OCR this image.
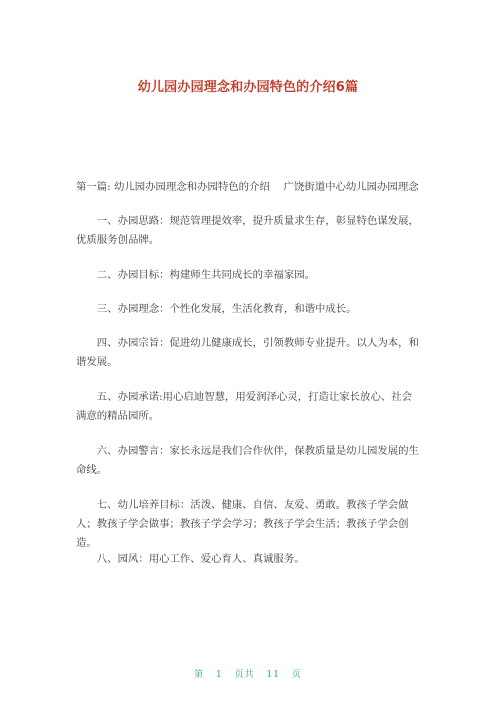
幼儿园办园理念和办园特色的介绍6篇

第一篇: 幼儿园办园理念和办园特色的介绍　 广饶街道中心幼儿园办园理念

一、办园思路：规范管理提效率，提升质量求生存，彰显特色谋发展，优质服务创品牌。

二、办园目标：构建师生共同成长的幸福家园。

三、办园理念：个性化发展，生活化教育，和谐中成长。

四、办园宗旨：促进幼儿健康成长，引领教师专业提升。以人为本，和谐发展。

五、办园承诺:用心启迪智慧，用爱润泽心灵，打造让家长放心、社会满意的精品园所。

六、办园警言：家长永远是我们合作伙伴，保教质量是幼儿园发展的生命线。

七、幼儿培养目标：活泼、健康、自信、友爱、勇敢。教孩子学会做人；教孩子学会做事；教孩子学会学习；教孩子学会生活；教孩子学会创造。

八、园风：用心工作、爱心育人、真诚服务。

第 1 页共 11 页
